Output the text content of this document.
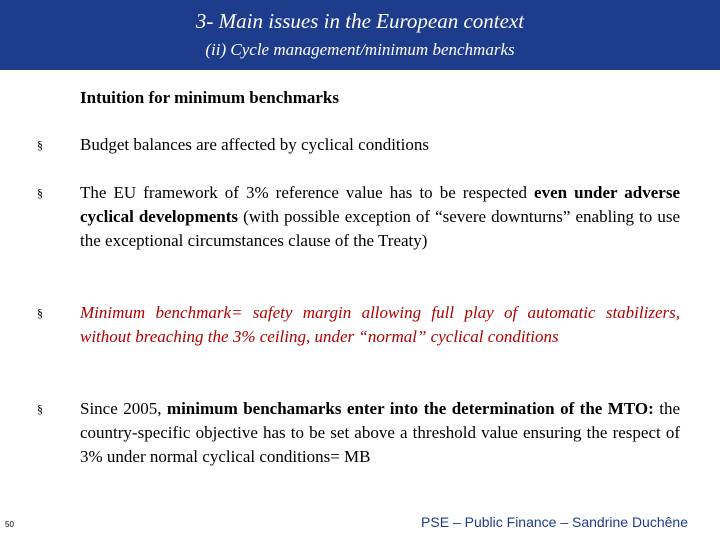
3- Main issues in the European context
(ii) Cycle management/minimum benchmarks
Intuition for minimum benchmarks
§ Budget balances are affected by cyclical conditions
§ The EU framework of 3% reference value has to be respected even under adverse cyclical developments (with possible exception of “severe downturns” enabling to use the exceptional circumstances clause of the Treaty)
§ Minimum benchmark= safety margin allowing full play of automatic stabilizers, without breaching the 3% ceiling, under “normal” cyclical conditions
§ Since 2005, minimum benchamarks enter into the determination of the MTO: the country-specific objective has to be set above a threshold value ensuring the respect of 3% under normal cyclical conditions= MB
50	PSE – Public Finance – Sandrine Duchêne
